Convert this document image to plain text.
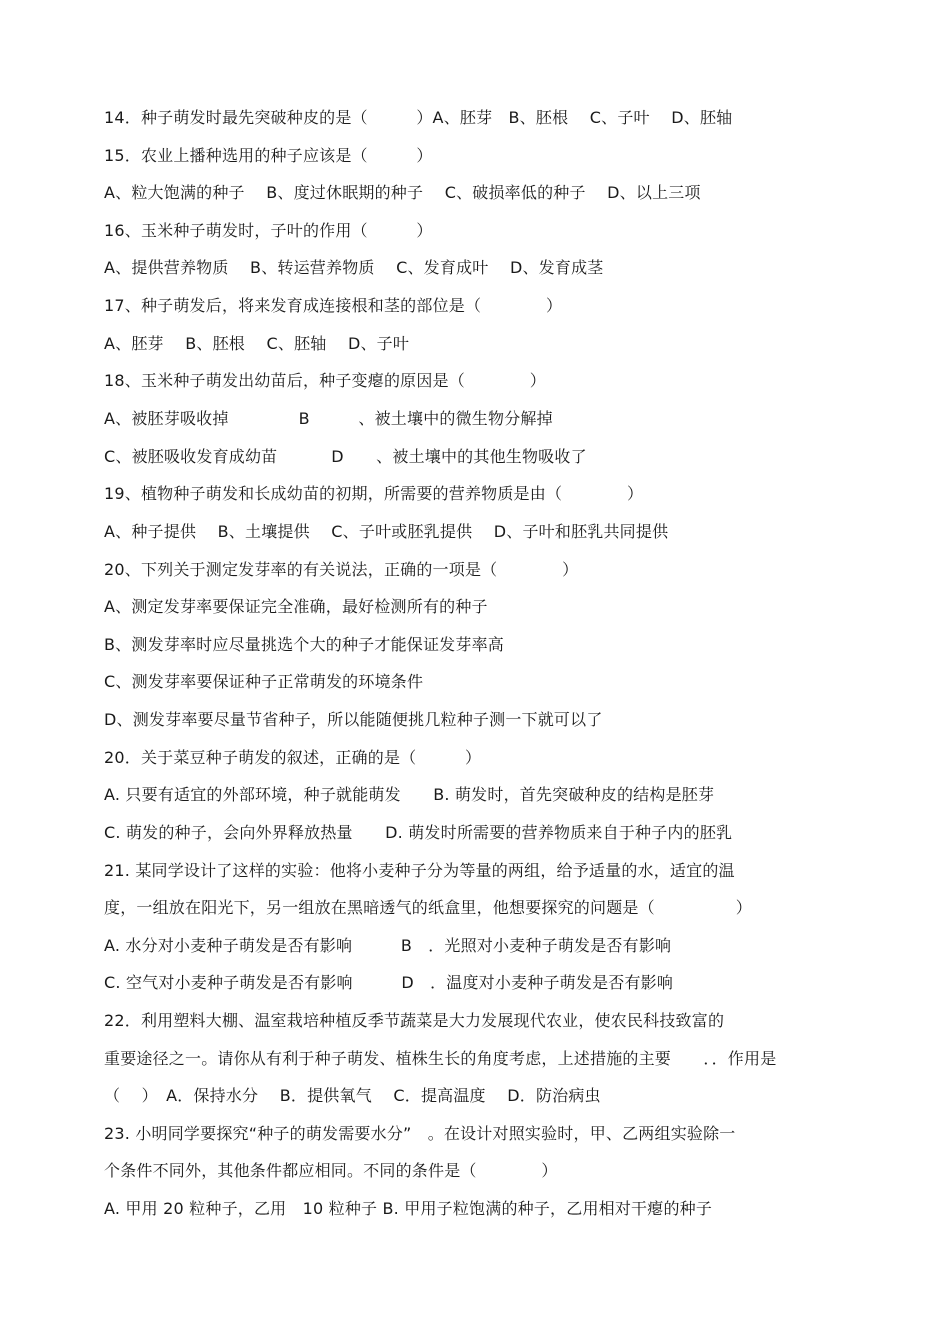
14．种子萌发时最先突破种皮的是（　　　）A、胚芽　B、胚根　 C、子叶　 D、胚轴
15．农业上播种选用的种子应该是（　　　）
A、粒大饱满的种子　 B、度过休眠期的种子　 C、破损率低的种子　 D、以上三项
16、玉米种子萌发时，子叶的作用（　　　）
A、提供营养物质　 B、转运营养物质　 C、发育成叶　 D、发育成茎
17、种子萌发后，将来发育成连接根和茎的部位是（　　　　）
A、胚芽　 B、胚根　 C、胚轴　 D、子叶
18、玉米种子萌发出幼苗后，种子变瘪的原因是（　　　　）
A、被胚芽吸收掉　　　　 B　　　、被土壤中的微生物分解掉
C、被胚吸收发育成幼苗　　　 D　　、被土壤中的其他生物吸收了
19、植物种子萌发和长成幼苗的初期，所需要的营养物质是由（　　　　）
A、种子提供　 B、土壤提供　 C、子叶或胚乳提供　 D、子叶和胚乳共同提供
20、下列关于测定发芽率的有关说法，正确的一项是（　　　　）
A、测定发芽率要保证完全准确，最好检测所有的种子
B、测发芽率时应尽量挑选个大的种子才能保证发芽率高
C、测发芽率要保证种子正常萌发的环境条件
D、测发芽率要尽量节省种子，所以能随便挑几粒种子测一下就可以了
20．关于菜豆种子萌发的叙述，正确的是（　　　）
A. 只要有适宜的外部环境，种子就能萌发　　B. 萌发时，首先突破种皮的结构是胚芽
C. 萌发的种子，会向外界释放热量　　D. 萌发时所需要的营养物质来自于种子内的胚乳
21. 某同学设计了这样的实验：他将小麦种子分为等量的两组，给予适量的水，适宜的温
度，一组放在阳光下，另一组放在黑暗透气的纸盒里，他想要探究的问题是（　　　　　）
A. 水分对小麦种子萌发是否有影响　　　B　．光照对小麦种子萌发是否有影响
C. 空气对小麦种子萌发是否有影响　　　D　．温度对小麦种子萌发是否有影响
22．利用塑料大棚、温室栽培种植反季节蔬菜是大力发展现代农业，使农民科技致富的
重要途径之一。请你从有利于种子萌发、植株生长的角度考虑，上述措施的主要　　．．作用是
（　 ）　A．保持水分　 B．提供氧气　 C．提高温度　 D．防治病虫
23. 小明同学要探究“种子的萌发需要水分”　。在设计对照实验时，甲、乙两组实验除一
个条件不同外，其他条件都应相同。不同的条件是（　　　　）
A. 甲用 20 粒种子，乙用　10 粒种子 B. 甲用子粒饱满的种子，乙用相对干瘪的种子
